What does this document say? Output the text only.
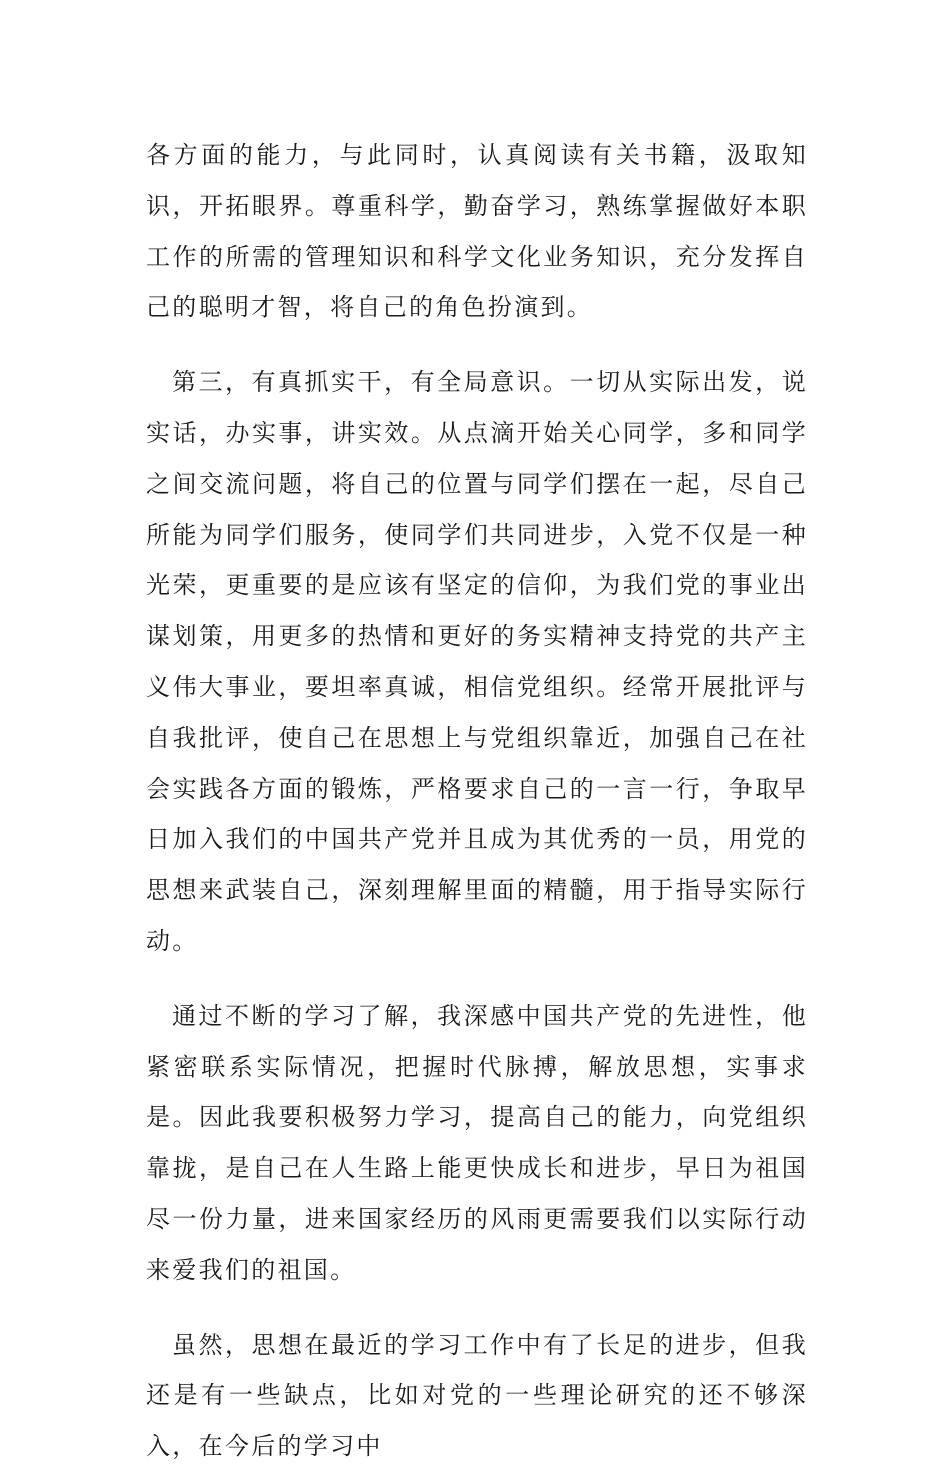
各方面的能力，与此同时，认真阅读有关书籍，汲取知识，开拓眼界。尊重科学，勤奋学习，熟练掌握做好本职工作的所需的管理知识和科学文化业务知识，充分发挥自己的聪明才智，将自己的角色扮演到。

第三，有真抓实干，有全局意识。一切从实际出发，说实话，办实事，讲实效。从点滴开始关心同学，多和同学之间交流问题，将自己的位置与同学们摆在一起，尽自己所能为同学们服务，使同学们共同进步，入党不仅是一种光荣，更重要的是应该有坚定的信仰，为我们党的事业出谋划策，用更多的热情和更好的务实精神支持党的共产主义伟大事业，要坦率真诚，相信党组织。经常开展批评与自我批评，使自己在思想上与党组织靠近，加强自己在社会实践各方面的锻炼，严格要求自己的一言一行，争取早日加入我们的中国共产党并且成为其优秀的一员，用党的思想来武装自己，深刻理解里面的精髓，用于指导实际行动。

通过不断的学习了解，我深感中国共产党的先进性，他紧密联系实际情况，把握时代脉搏，解放思想，实事求是。因此我要积极努力学习，提高自己的能力，向党组织靠拢，是自己在人生路上能更快成长和进步，早日为祖国尽一份力量，进来国家经历的风雨更需要我们以实际行动来爱我们的祖国。

虽然，思想在最近的学习工作中有了长足的进步，但我还是有一些缺点，比如对党的一些理论研究的还不够深入，在今后的学习中
